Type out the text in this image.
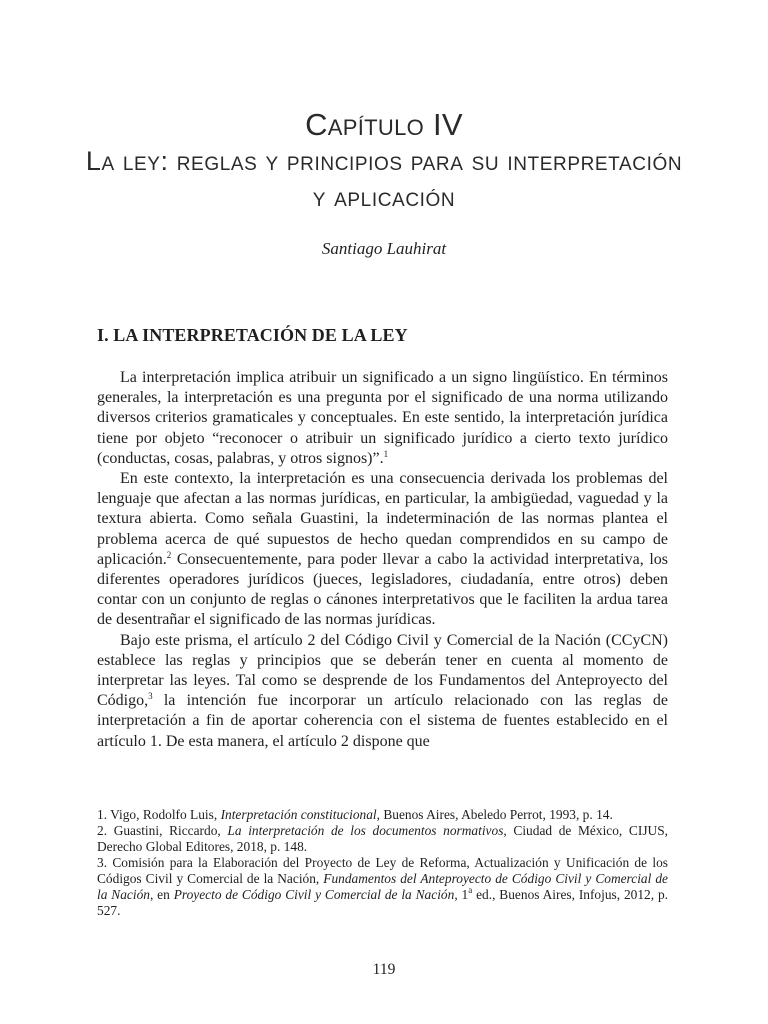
Capítulo IV
La ley: reglas y principios para su interpretación
y aplicación
Santiago Lauhirat
I. LA INTERPRETACIÓN DE LA LEY

La interpretación implica atribuir un significado a un signo lingüístico. En términos generales, la interpretación es una pregunta por el significado de una norma utilizando diversos criterios gramaticales y conceptuales. En este sentido, la interpretación jurídica tiene por objeto “reconocer o atribuir un significado jurídico a cierto texto jurídico (conductas, cosas, palabras, y otros signos)”.$^1$

En este contexto, la interpretación es una consecuencia derivada los problemas del lenguaje que afectan a las normas jurídicas, en particular, la ambigüedad, vaguedad y la textura abierta. Como señala Guastini, la indeterminación de las normas plantea el problema acerca de qué supuestos de hecho quedan comprendidos en su campo de aplicación.$^2$ Consecuentemente, para poder llevar a cabo la actividad interpretativa, los diferentes operadores jurídicos (jueces, legisladores, ciudadanía, entre otros) deben contar con un conjunto de reglas o cánones interpretativos que le faciliten la ardua tarea de desentrañar el significado de las normas jurídicas.

Bajo este prisma, el artículo 2 del Código Civil y Comercial de la Nación (CCyCN) establece las reglas y principios que se deberán tener en cuenta al momento de interpretar las leyes. Tal como se desprende de los Fundamentos del Anteproyecto del Código,$^3$ la intención fue incorporar un artículo relacionado con las reglas de interpretación a fin de aportar coherencia con el sistema de fuentes establecido en el artículo 1. De esta manera, el artículo 2 dispone que

1. Vigo, Rodolfo Luis, Interpretación constitucional, Buenos Aires, Abeledo Perrot, 1993, p. 14.

2. Guastini, Riccardo, La interpretación de los documentos normativos, Ciudad de México, CIJUS, Derecho Global Editores, 2018, p. 148.

3. Comisión para la Elaboración del Proyecto de Ley de Reforma, Actualización y Unificación de los Códigos Civil y Comercial de la Nación, Fundamentos del Anteproyecto de Código Civil y Comercial de la Nación, en Proyecto de Código Civil y Comercial de la Nación, 1$^a$ ed., Buenos Aires, Infojus, 2012, p. 527.

119
